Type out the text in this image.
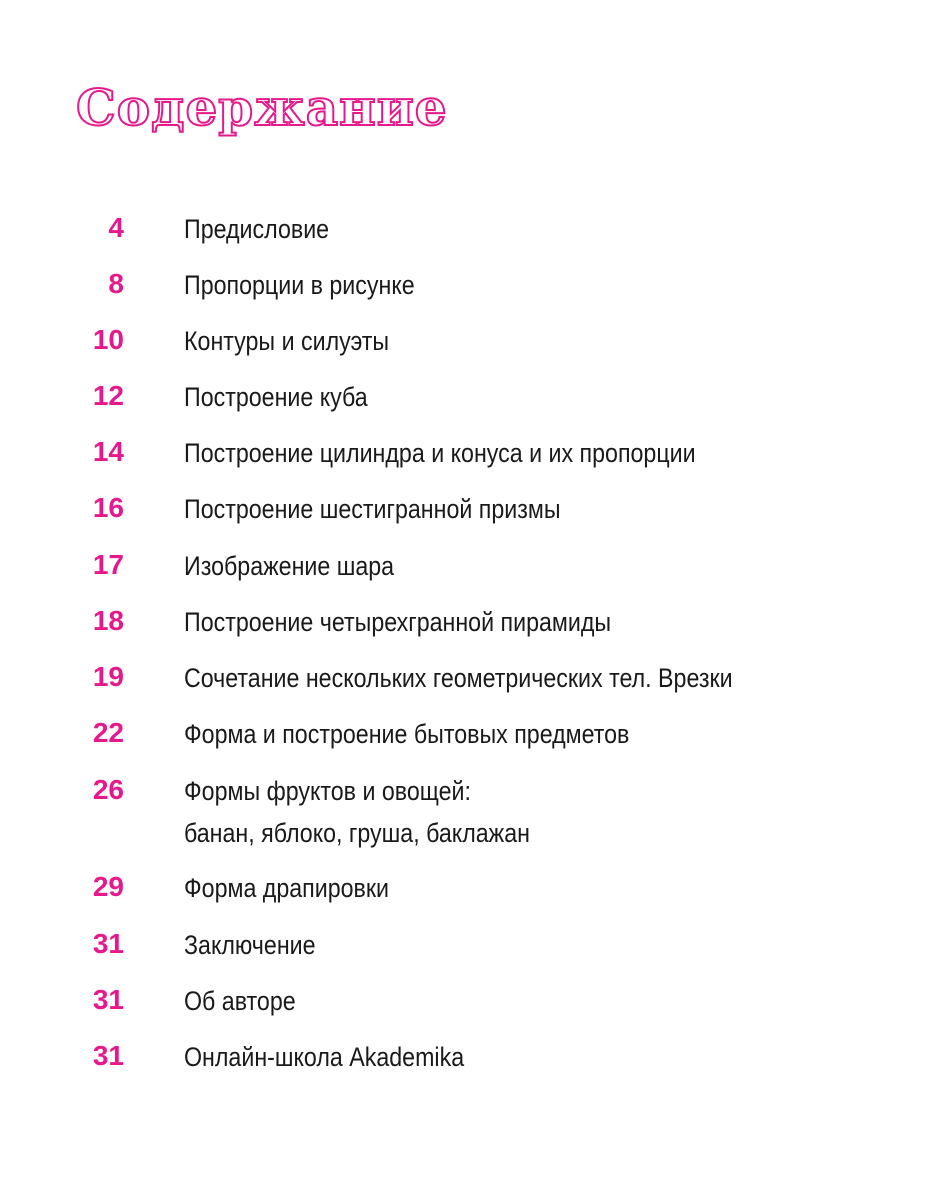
Содержание
4 Предисловие
8 Пропорции в рисунке
10 Контуры и силуэты
12 Построение куба
14 Построение цилиндра и конуса и их пропорции
16 Построение шестигранной призмы
17 Изображение шара
18 Построение четырехгранной пирамиды
19 Сочетание нескольких геометрических тел. Врезки
22 Форма и построение бытовых предметов
26 Формы фруктов и овощей:
банан, яблоко, груша, баклажан
29 Форма драпировки
31 Заключение
31 Об авторе
31 Онлайн-школа Akademika
